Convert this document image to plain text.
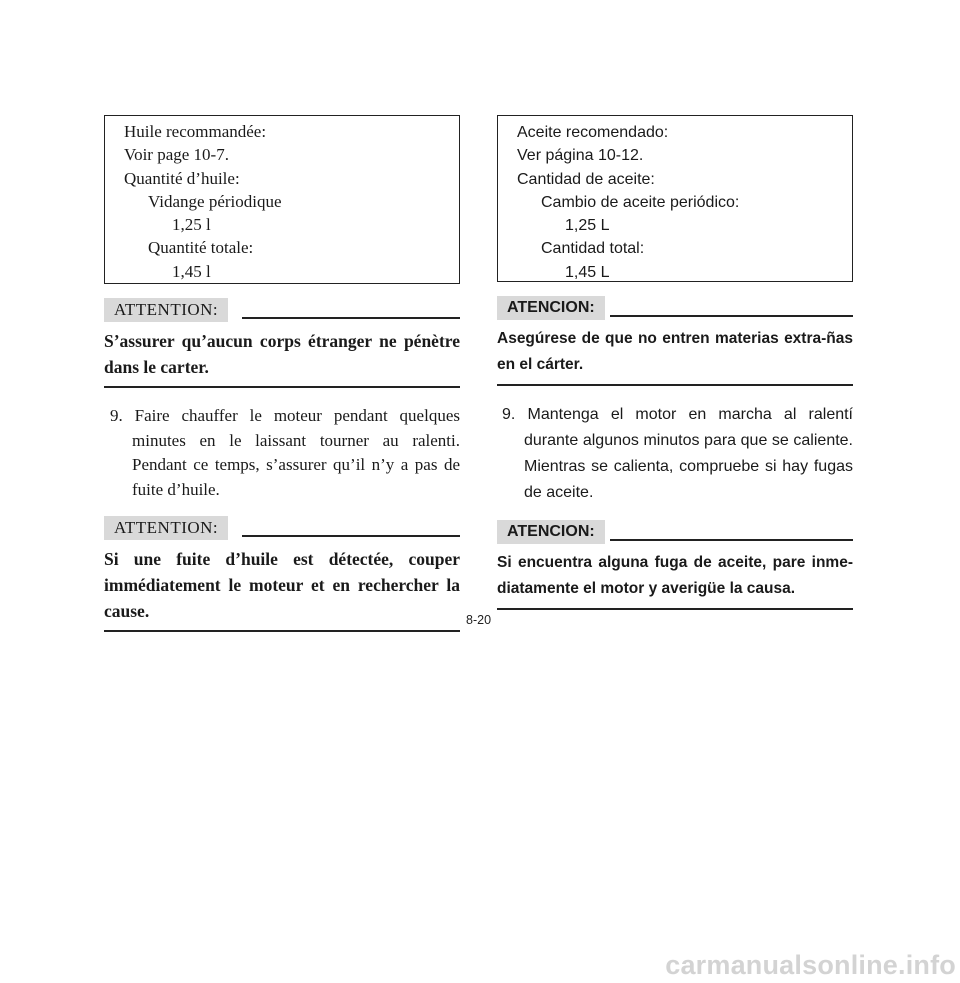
Huile recommandée:
Voir page 10-7.
Quantité d’huile:
Vidange périodique
1,25 l
Quantité totale:
1,45 l
ATTENTION:
S’assurer qu’aucun corps étranger ne pénètre dans le carter.

9. Faire chauffer le moteur pendant quelques minutes en le laissant tourner au ralenti. Pendant ce temps, s’assurer qu’il n’y a pas de fuite d’huile.

ATTENTION:
Si une fuite d’huile est détectée, couper immédiatement le moteur et en rechercher la cause.
Aceite recomendado:
Ver página 10-12.
Cantidad de aceite:
Cambio de aceite periódico:
1,25 L
Cantidad total:
1,45 L
ATENCION:
Asegúrese de que no entren materias extra-ñas en el cárter.

9. Mantenga el motor en marcha al ralentí durante algunos minutos para que se caliente. Mientras se calienta, compruebe si hay fugas de aceite.

ATENCION:
Si encuentra alguna fuga de aceite, pare inme-diatamente el motor y averigüe la causa.
8-20
carmanualsonline.info
